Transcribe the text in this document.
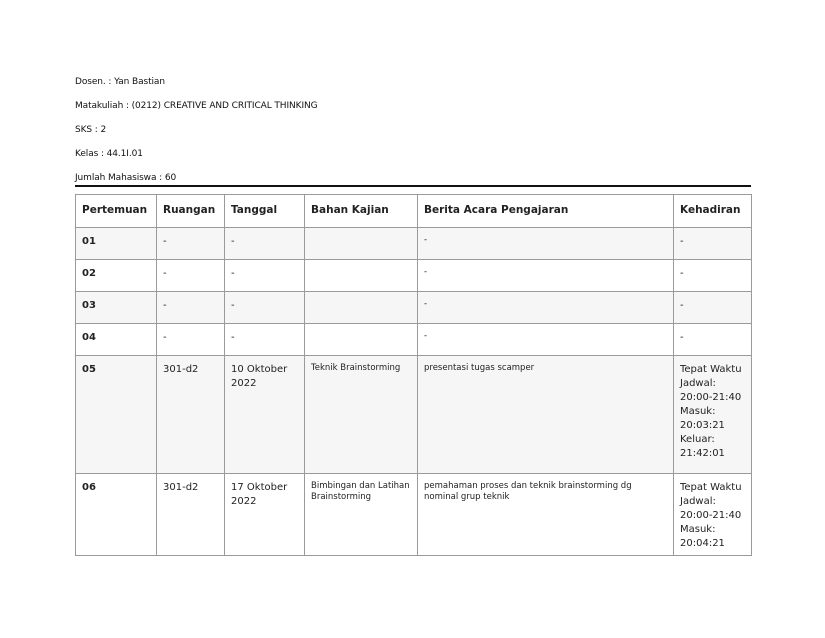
Dosen. : Yan Bastian
Matakuliah : (0212) CREATIVE AND CRITICAL THINKING
SKS : 2
Kelas : 44.1I.01
Jumlah Mahasiswa : 60
Pertemuan	Ruangan	Tanggal	Bahan Kajian	Berita Acara Pengajaran	Kehadiran
01	-	-		-	-
02	-	-		-	-
03	-	-		-	-
04	-	-		-	-
05	301-d2	10 Oktober 2022	Teknik Brainstorming	presentasi tugas scamper	Tepat Waktu Jadwal: 20:00-21:40 Masuk: 20:03:21 Keluar: 21:42:01
06	301-d2	17 Oktober 2022	Bimbingan dan Latihan Brainstorming	pemahaman proses dan teknik brainstorming dg nominal grup teknik	Tepat Waktu Jadwal: 20:00-21:40 Masuk: 20:04:21
